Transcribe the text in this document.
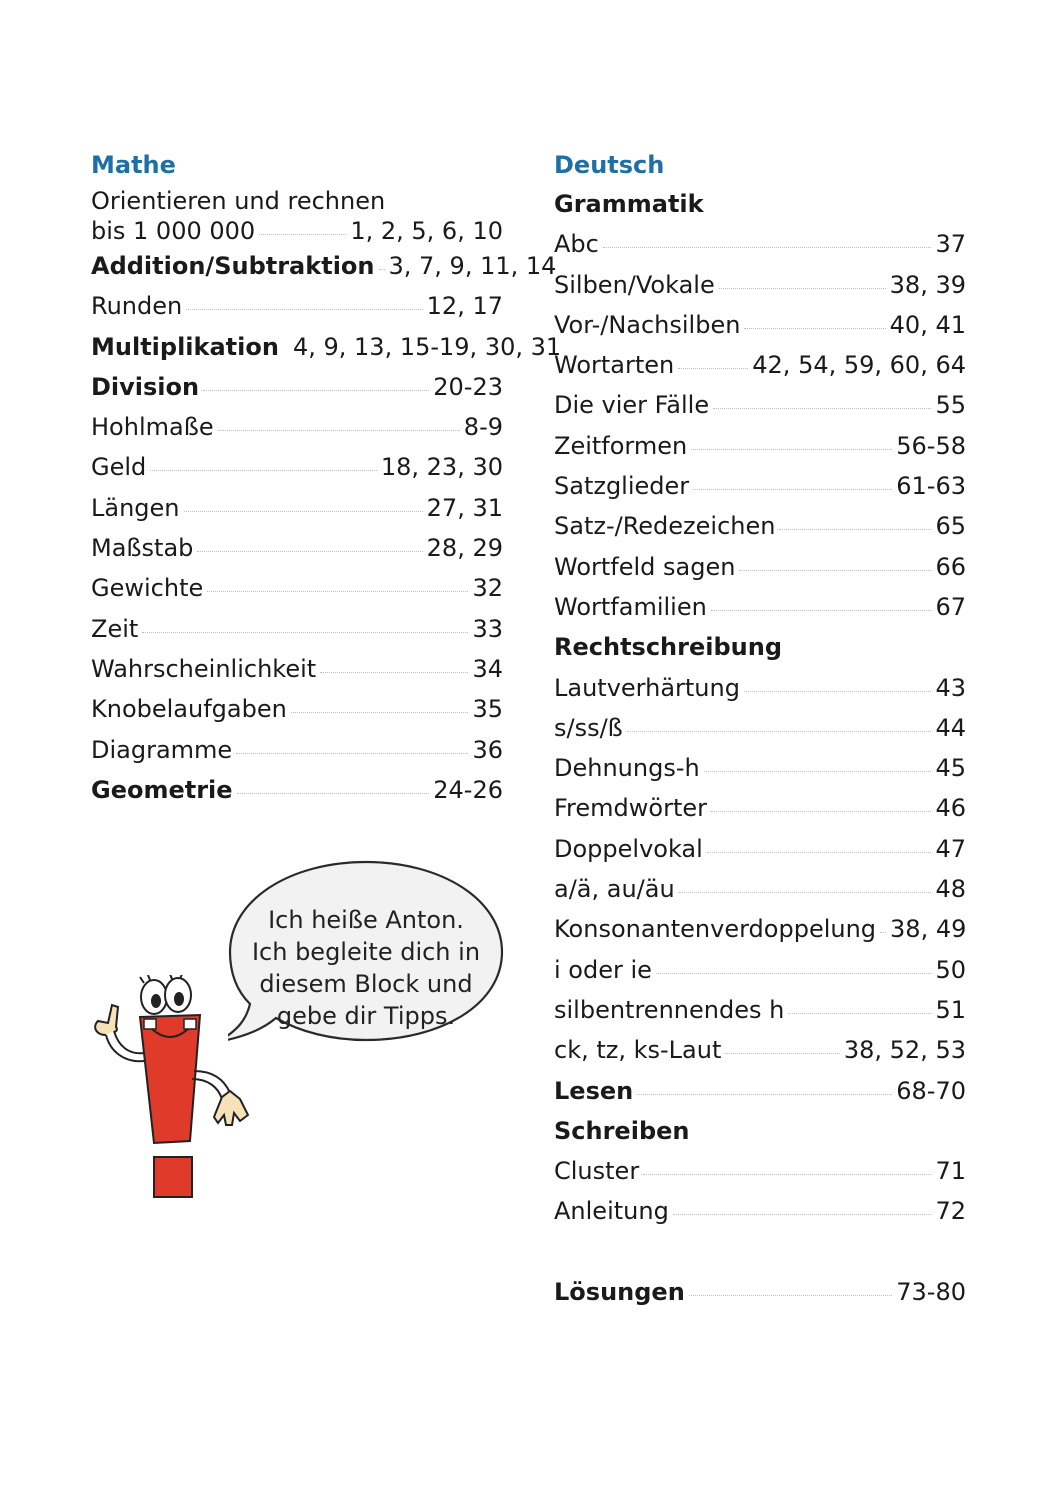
Mathe
Orientieren und rechnen
bis 1 000 000	1, 2, 5, 6, 10
Addition/Subtraktion 3, 7, 9, 11, 14
Runden	12, 17
Multiplikation 4, 9, 13, 15-19, 30, 31
Division	20-23
Hohlmaße	8-9
Geld	18, 23, 30
Längen	27, 31
Maßstab	28, 29
Gewichte	32
Zeit	33
Wahrscheinlichkeit	34
Knobelaufgaben	35
Diagramme	36
Geometrie	24-26
Deutsch
Grammatik
Abc	37
Silben/Vokale	38, 39
Vor-/Nachsilben	40, 41
Wortarten	42, 54, 59, 60, 64
Die vier Fälle	55
Zeitformen	56-58
Satzglieder	61-63
Satz-/Redezeichen	65
Wortfeld sagen	66
Wortfamilien	67
Rechtschreibung
Lautverhärtung	43
s/ss/ß	44
Dehnungs-h	45
Fremdwörter	46
Doppelvokal	47
a/ä, au/äu	48
Konsonantenverdoppelung 38, 49
i oder ie	50
silbentrennendes h	51
ck, tz, ks-Laut	38, 52, 53
Lesen	68-70
Schreiben
Cluster	71
Anleitung	72
Lösungen	73-80
Ich heiße Anton.
Ich begleite dich in
diesem Block und
gebe dir Tipps.
